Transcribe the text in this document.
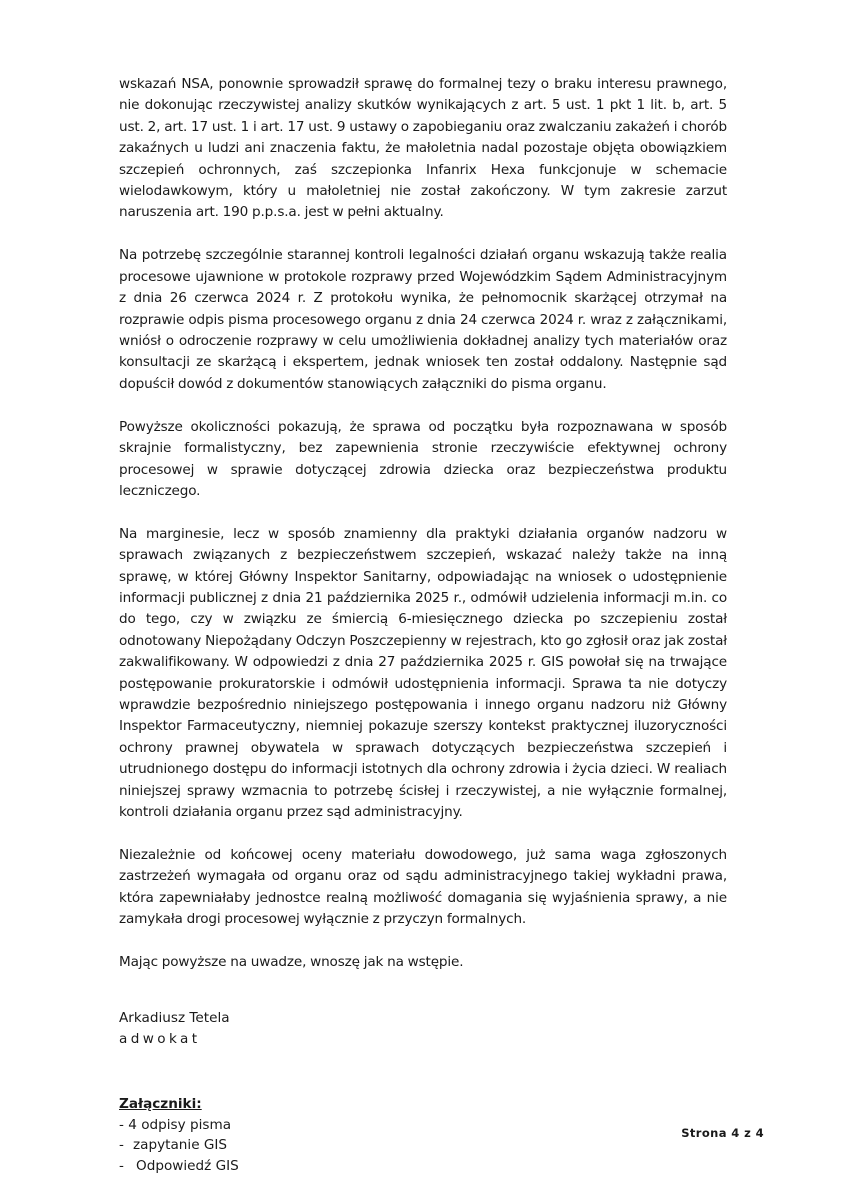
wskazań NSA, ponownie sprowadził sprawę do formalnej tezy o braku interesu prawnego, nie dokonując rzeczywistej analizy skutków wynikających z art. 5 ust. 1 pkt 1 lit. b, art. 5 ust. 2, art. 17 ust. 1 i art. 17 ust. 9 ustawy o zapobieganiu oraz zwalczaniu zakażeń i chorób zakaźnych u ludzi ani znaczenia faktu, że małoletnia nadal pozostaje objęta obowiązkiem szczepień ochronnych, zaś szczepionka Infanrix Hexa funkcjonuje w schemacie wielodawkowym, który u małoletniej nie został zakończony. W tym zakresie zarzut naruszenia art. 190 p.p.s.a. jest w pełni aktualny.

Na potrzebę szczególnie starannej kontroli legalności działań organu wskazują także realia procesowe ujawnione w protokole rozprawy przed Wojewódzkim Sądem Administracyjnym z dnia 26 czerwca 2024 r. Z protokołu wynika, że pełnomocnik skarżącej otrzymał na rozprawie odpis pisma procesowego organu z dnia 24 czerwca 2024 r. wraz z załącznikami, wniósł o odroczenie rozprawy w celu umożliwienia dokładnej analizy tych materiałów oraz konsultacji ze skarżącą i ekspertem, jednak wniosek ten został oddalony. Następnie sąd dopuścił dowód z dokumentów stanowiących załączniki do pisma organu.

Powyższe okoliczności pokazują, że sprawa od początku była rozpoznawana w sposób skrajnie formalistyczny, bez zapewnienia stronie rzeczywiście efektywnej ochrony procesowej w sprawie dotyczącej zdrowia dziecka oraz bezpieczeństwa produktu leczniczego.

Na marginesie, lecz w sposób znamienny dla praktyki działania organów nadzoru w sprawach związanych z bezpieczeństwem szczepień, wskazać należy także na inną sprawę, w której Główny Inspektor Sanitarny, odpowiadając na wniosek o udostępnienie informacji publicznej z dnia 21 października 2025 r., odmówił udzielenia informacji m.in. co do tego, czy w związku ze śmiercią 6-miesięcznego dziecka po szczepieniu został odnotowany Niepożądany Odczyn Poszczepienny w rejestrach, kto go zgłosił oraz jak został zakwalifikowany. W odpowiedzi z dnia 27 października 2025 r. GIS powołał się na trwające postępowanie prokuratorskie i odmówił udostępnienia informacji. Sprawa ta nie dotyczy wprawdzie bezpośrednio niniejszego postępowania i innego organu nadzoru niż Główny Inspektor Farmaceutyczny, niemniej pokazuje szerszy kontekst praktycznej iluzoryczności ochrony prawnej obywatela w sprawach dotyczących bezpieczeństwa szczepień i utrudnionego dostępu do informacji istotnych dla ochrony zdrowia i życia dzieci. W realiach niniejszej sprawy wzmacnia to potrzebę ścisłej i rzeczywistej, a nie wyłącznie formalnej, kontroli działania organu przez sąd administracyjny.

Niezależnie od końcowej oceny materiału dowodowego, już sama waga zgłoszonych zastrzeżeń wymagała od organu oraz od sądu administracyjnego takiej wykładni prawa, która zapewniałaby jednostce realną możliwość domagania się wyjaśnienia sprawy, a nie zamykała drogi procesowej wyłącznie z przyczyn formalnych.

Mając powyższe na uwadze, wnoszę jak na wstępie.

Arkadiusz Tetela
adwokat
Załączniki:
- 4 odpisy pisma
- zapytanie GIS
- Odpowiedź GIS
Strona 4 z 4
